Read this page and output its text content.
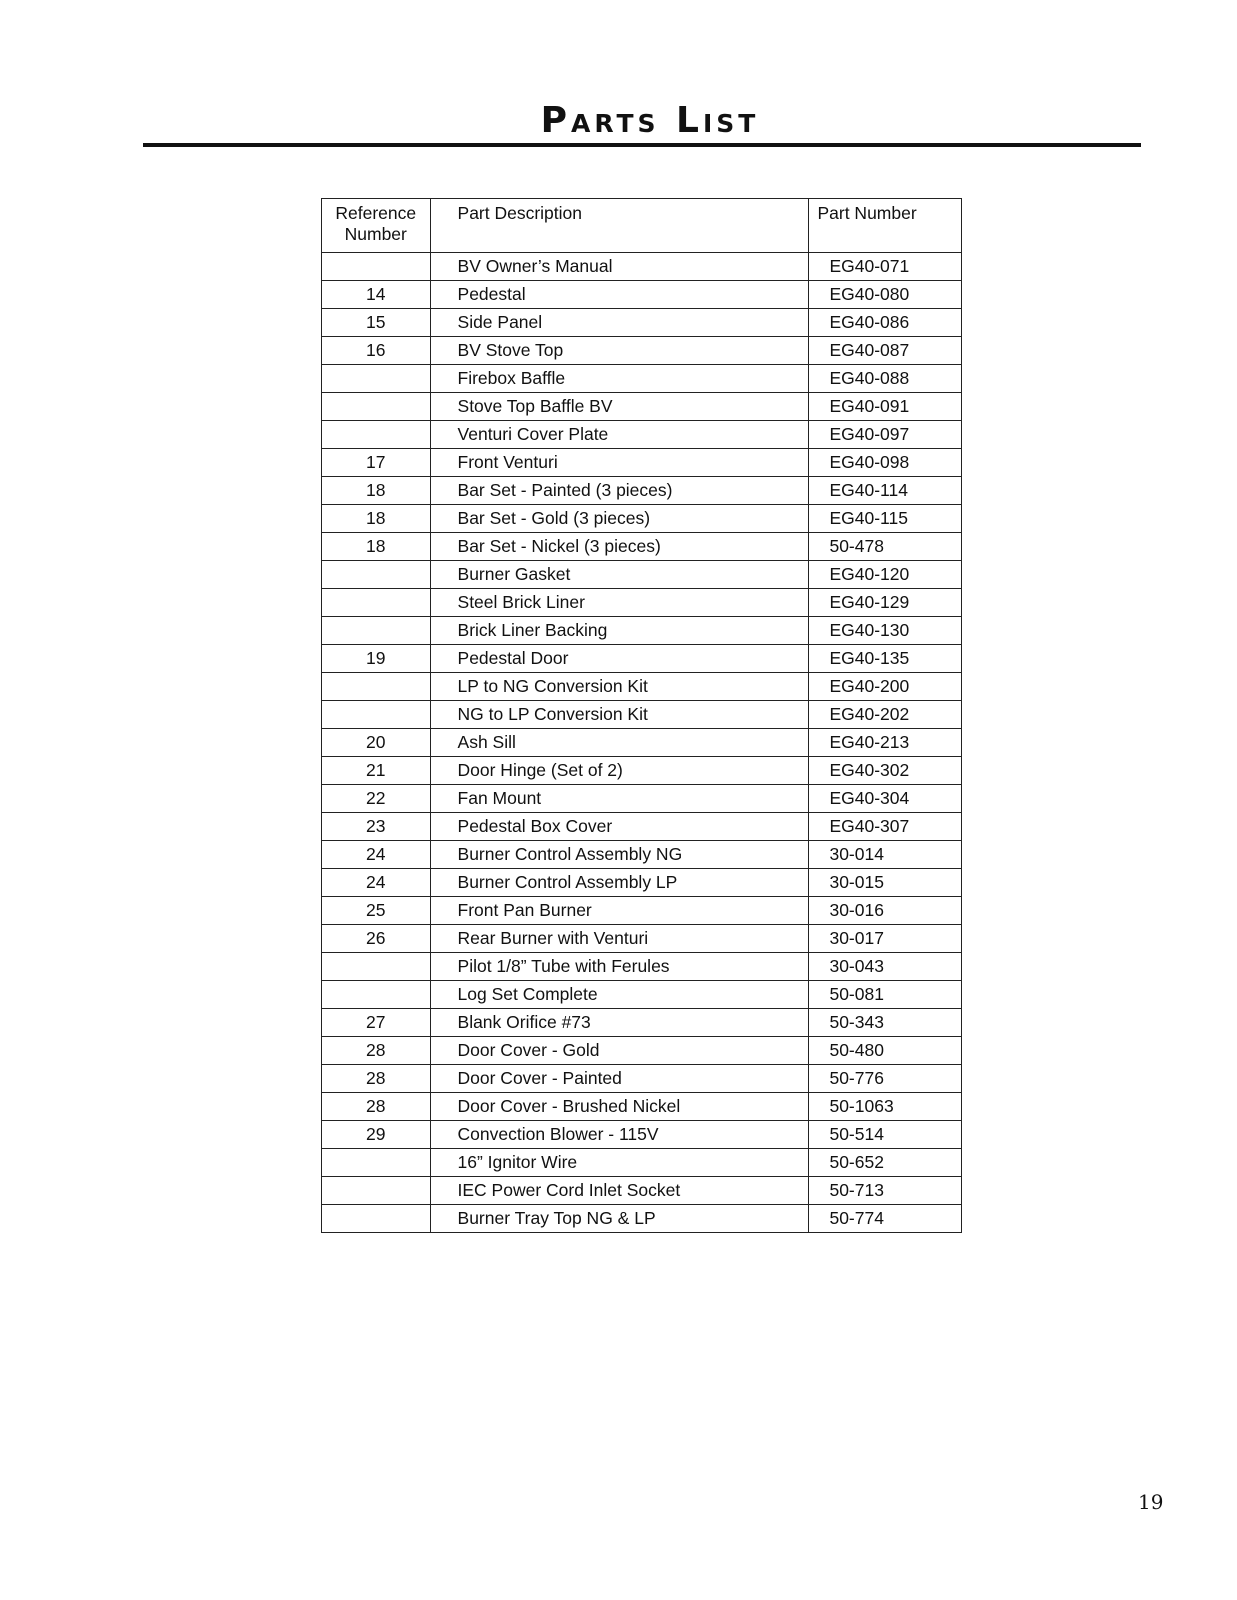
Parts List
Reference
Number	Part Description	Part Number
	BV Owner’s Manual	EG40-071
14	Pedestal	EG40-080
15	Side Panel	EG40-086
16	BV Stove Top	EG40-087
	Firebox Baffle	EG40-088
	Stove Top Baffle BV	EG40-091
	Venturi Cover Plate	EG40-097
17	Front Venturi	EG40-098
18	Bar Set - Painted (3 pieces)	EG40-114
18	Bar Set - Gold (3 pieces)	EG40-115
18	Bar Set - Nickel (3 pieces)	50-478
	Burner Gasket	EG40-120
	Steel Brick Liner	EG40-129
	Brick Liner Backing	EG40-130
19	Pedestal Door	EG40-135
	LP to NG Conversion Kit	EG40-200
	NG to LP Conversion Kit	EG40-202
20	Ash Sill	EG40-213
21	Door Hinge (Set of 2)	EG40-302
22	Fan Mount	EG40-304
23	Pedestal Box Cover	EG40-307
24	Burner Control Assembly NG	30-014
24	Burner Control Assembly LP	30-015
25	Front Pan Burner	30-016
26	Rear Burner with Venturi	30-017
	Pilot 1/8” Tube with Ferules	30-043
	Log Set Complete	50-081
27	Blank Orifice #73	50-343
28	Door Cover - Gold	50-480
28	Door Cover - Painted	50-776
28	Door Cover - Brushed Nickel	50-1063
29	Convection Blower - 115V	50-514
	16” Ignitor Wire	50-652
	IEC Power Cord Inlet Socket	50-713
	Burner Tray Top NG & LP	50-774
19
